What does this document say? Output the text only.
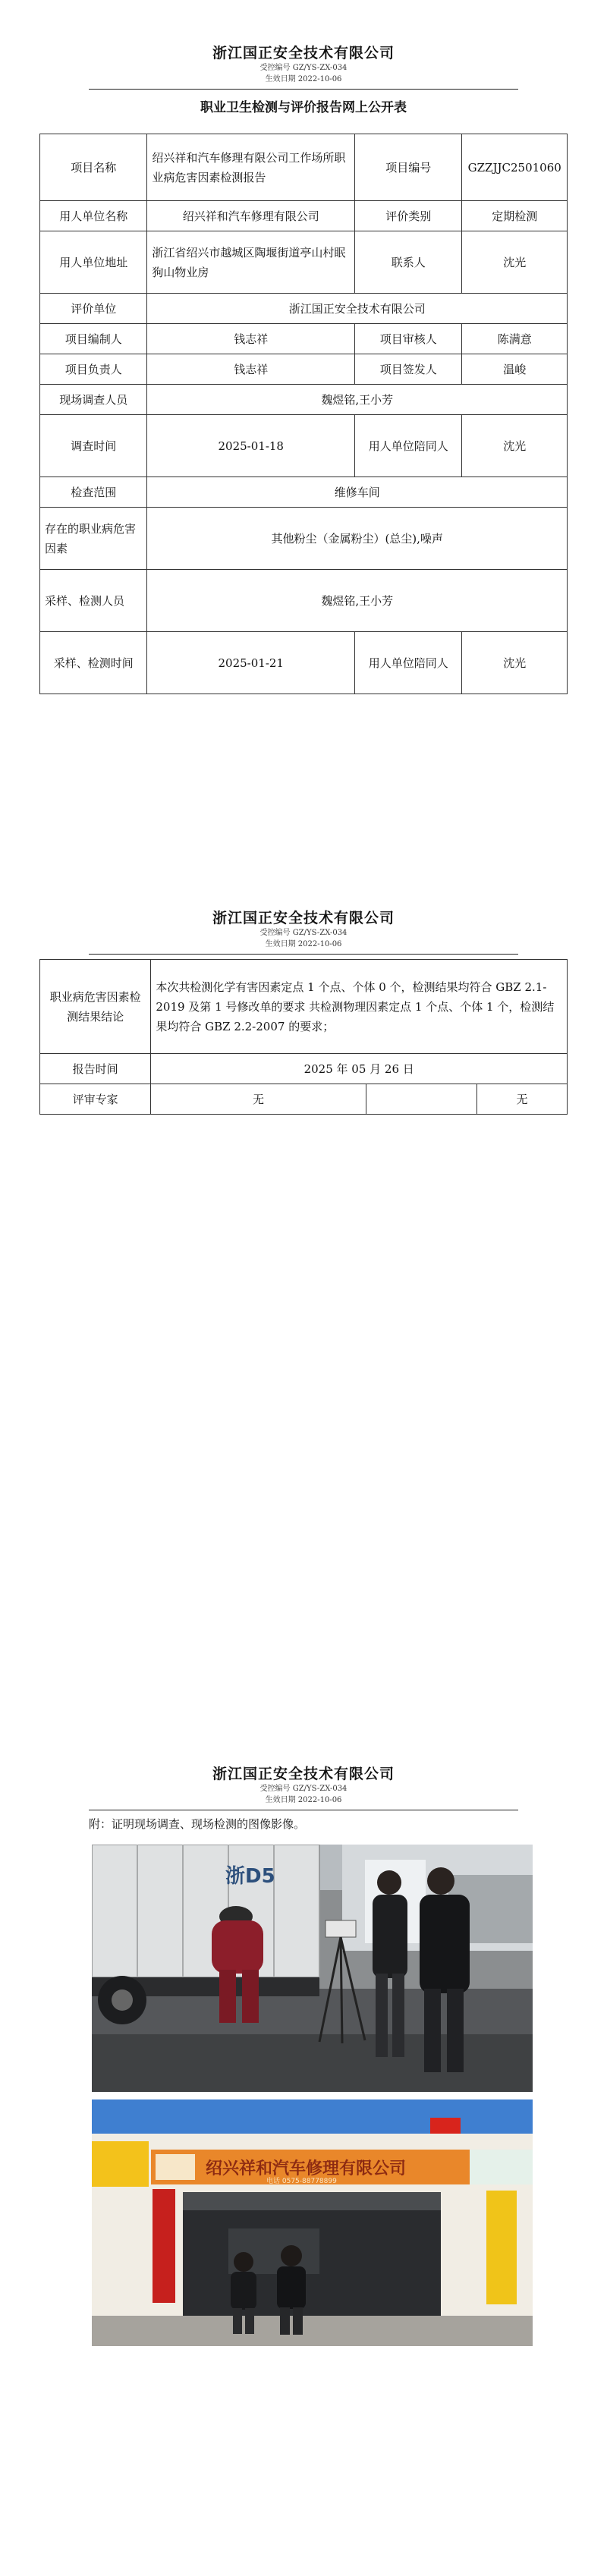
浙江国正安全技术有限公司
受控编号 GZ/YS-ZX-034
生效日期 2022-10-06
职业卫生检测与评价报告网上公开表
项目名称	绍兴祥和汽车修理有限公司工作场所职业病危害因素检测报告	项目编号	GZZJJC2501060
用人单位名称	绍兴祥和汽车修理有限公司	评价类别	定期检测
用人单位地址	浙江省绍兴市越城区陶堰街道亭山村眠狗山物业房	联系人	沈光
评价单位	浙江国正安全技术有限公司		
项目编制人	钱志祥	项目审核人	陈满意
项目负责人	钱志祥	项目签发人	温峻
现场调查人员	魏煜铭,王小芳		
调查时间	2025-01-18	用人单位陪同人	沈光
检查范围	维修车间		
存在的职业病危害因素	其他粉尘（金属粉尘）(总尘),噪声		
采样、检测人员	魏煜铭,王小芳		
采样、检测时间	2025-01-21	用人单位陪同人	沈光
浙江国正安全技术有限公司
受控编号 GZ/YS-ZX-034
生效日期 2022-10-06
职业病危害因素检测结果结论	本次共检测化学有害因素定点 1 个点、个体 0 个，检测结果均符合 GBZ 2.1-2019 及第 1 号修改单的要求 共检测物理因素定点 1 个点、个体 1 个，检测结果均符合 GBZ 2.2-2007 的要求；		
报告时间	2025 年 05 月 26 日		
评审专家	无		无
浙江国正安全技术有限公司
受控编号 GZ/YS-ZX-034
生效日期 2022-10-06
附：证明现场调查、现场检测的图像影像。
浙D5
绍兴祥和汽车修理有限公司
电话 0575-88778899
